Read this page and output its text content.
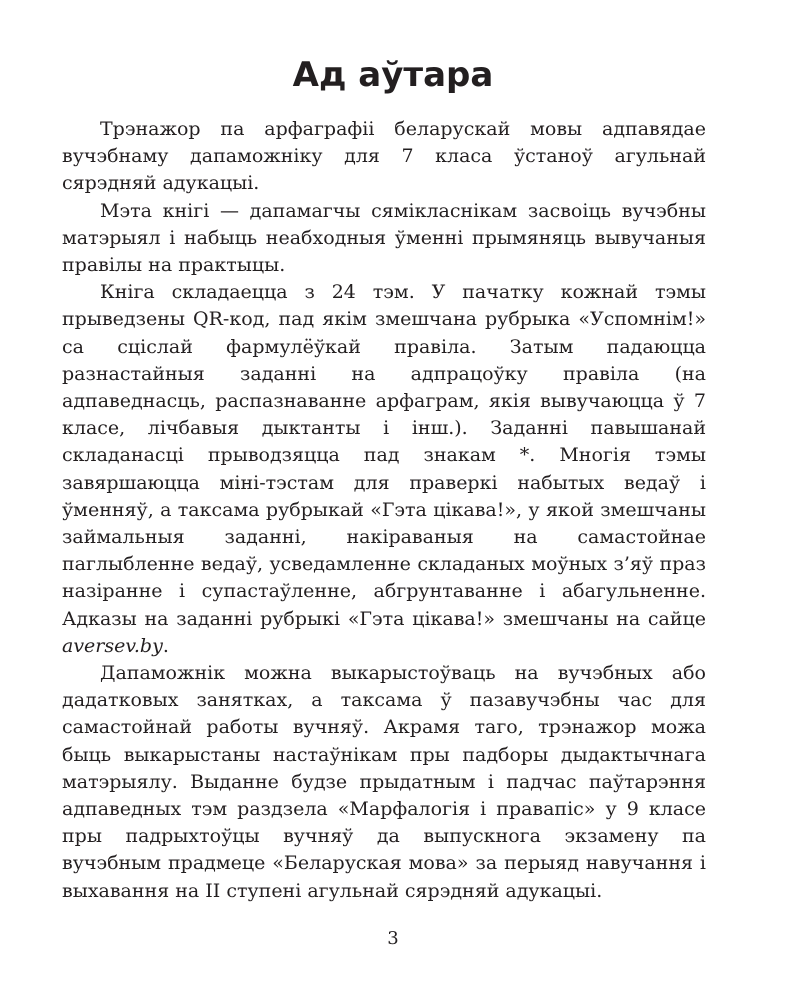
Ад аўтара

Трэнажор па арфаграфіі беларускай мовы адпавядае вучэбнаму дапаможніку для 7 класа ўстаноў агульнай сярэдняй адукацыі.

Мэта кнігі — дапамагчы сямікласнікам засвоіць вучэбны матэрыял і набыць неабходныя ўменні прымяняць вывучаныя правілы на практыцы.

Кніга складаецца з 24 тэм. У пачатку кожнай тэмы прыведзены QR-код, пад якім змешчана рубрыка «Успомнім!» са сціслай фармулёўкай правіла. Затым падаюцца разнастайныя заданні на адпрацоўку правіла (на адпаведнасць, распазнаванне арфаграм, якія вывучаюцца ў 7 класе, лічбавыя дыктанты і інш.). Заданні павышанай складанасці прыводзяцца пад знакам *. Многія тэмы завяршаюцца міні-тэстам для праверкі набытых ведаў і ўменняў, а таксама рубрыкай «Гэта цікава!», у якой змешчаны займальныя заданні, накіраваныя на самастойнае паглыбленне ведаў, усведамленне складаных моўных з’яў праз назіранне і супастаўленне, абгрунтаванне і абагульненне. Адказы на заданні рубрыкі «Гэта цікава!» змешчаны на сайце aversev.by.

Дапаможнік можна выкарыстоўваць на вучэбных або дадатковых занятках, а таксама ў пазавучэбны час для самастойнай работы вучняў. Акрамя таго, трэнажор можа быць выкарыстаны настаўнікам пры падборы дыдактычнага матэрыялу. Выданне будзе прыдатным і падчас паўтарэння адпаведных тэм раздзела «Марфалогія і правапіс» у 9 класе пры падрыхтоўцы вучняў да выпускнога экзамену па вучэбным прадмеце «Беларуская мова» за перыяд навучання і выхавання на II ступені агульнай сярэдняй адукацыі.

3
